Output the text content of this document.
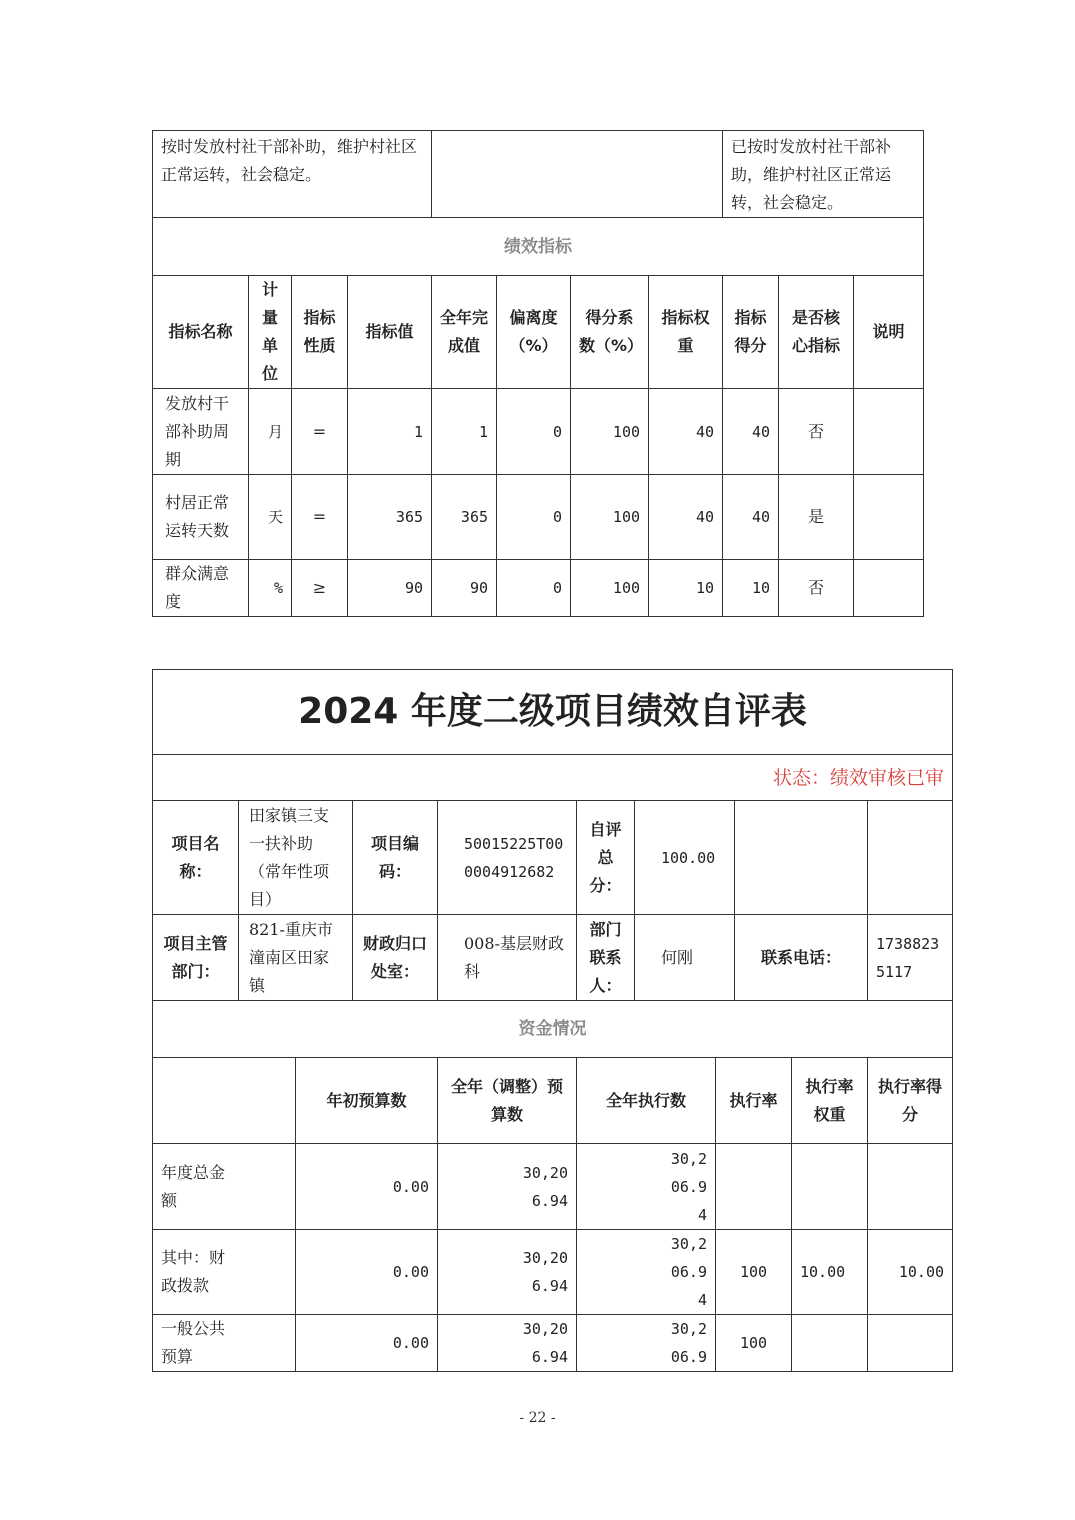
按时发放村社干部补助，维护村社区正常运转，社会稳定。								已按时发放村社干部补助，维护村社区正常运转，社会稳定。		
绩效指标										
指标名称	计量单位	指标性质	指标值	全年完成值	偏离度（%）	得分系数（%）	指标权重	指标得分	是否核心指标	说明
发放村干部补助周期	月	=	1	1	0	100	40	40	否	
村居正常运转天数	天	=	365	365	0	100	40	40	是	
群众满意度	%	≥	90	90	0	100	10	10	否	
2024 年度二级项目绩效自评表										
状态：绩效审核已审										
项目名称：	田家镇三支一扶补助（常年性项目）		项目编码：	50015225T000004912682	自评总分：	100.00				
项目主管部门：	821-重庆市潼南区田家镇		财政归口处室：	008-基层财政科	部门联系人：	何刚		联系电话：		17388235117
资金情况										
		年初预算数		全年（调整）预算数	全年执行数		执行率		执行率权重	执行率得分
年度总金额		0.00		30,206.94	30,206.94					
其中：财政拨款		0.00		30,206.94	30,206.94		100		10.00	10.00
一般公共预算		0.00		30,206.94	30,206.9		100			
- 22 -
